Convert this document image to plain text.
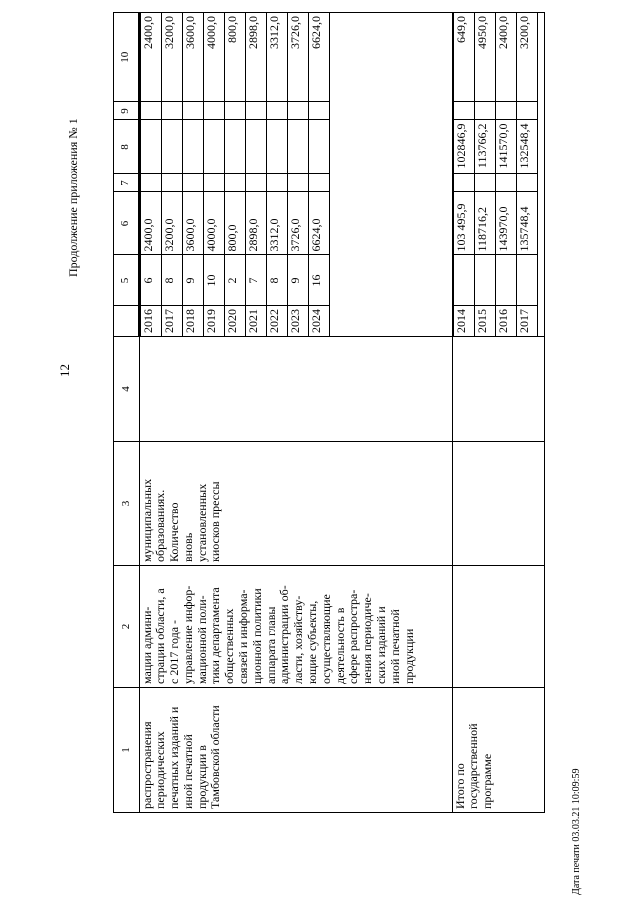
12
Продолжение приложения № 1
1	2	3	4	
	5	6	7	8	9	10

распространения
периодических
печатных изданий и
иной печатной
продукции в
Тамбовской области	мации админи-
страции области, а
с 2017 года -
управление инфор-
мационной поли-
тики департамента
общественных
связей и информа-
ционной политики
аппарата главы
администрации об-
ласти, хозяйству-
ющие субъекты,
осуществляющие
деятельность в
сфере распростра-
нения периодиче-
ских изданий и
иной печатной
продукции	муниципальных
образованиях.
Количество
вновь
установленных
киосков прессы		
2016	6	2400,0				2400,0
2017	8	3200,0				3200,0
2018	9	3600,0				3600,0
2019	10	4000,0				4000,0
2020	2	800,0				800,0
2021	7	2898,0				2898,0
2022	8	3312,0				3312,0
2023	9	3726,0				3726,0
2024	16	6624,0				6624,0

Итого по
государственной
программе				
2014		103 495,9		102846,9		649,0
2015		118716,2		113766,2		4950,0
2016		143970,0		141570,0		2400,0
2017		135748,4		132548,4		3200,0
Дата печати 03.03.21 10:09:59
